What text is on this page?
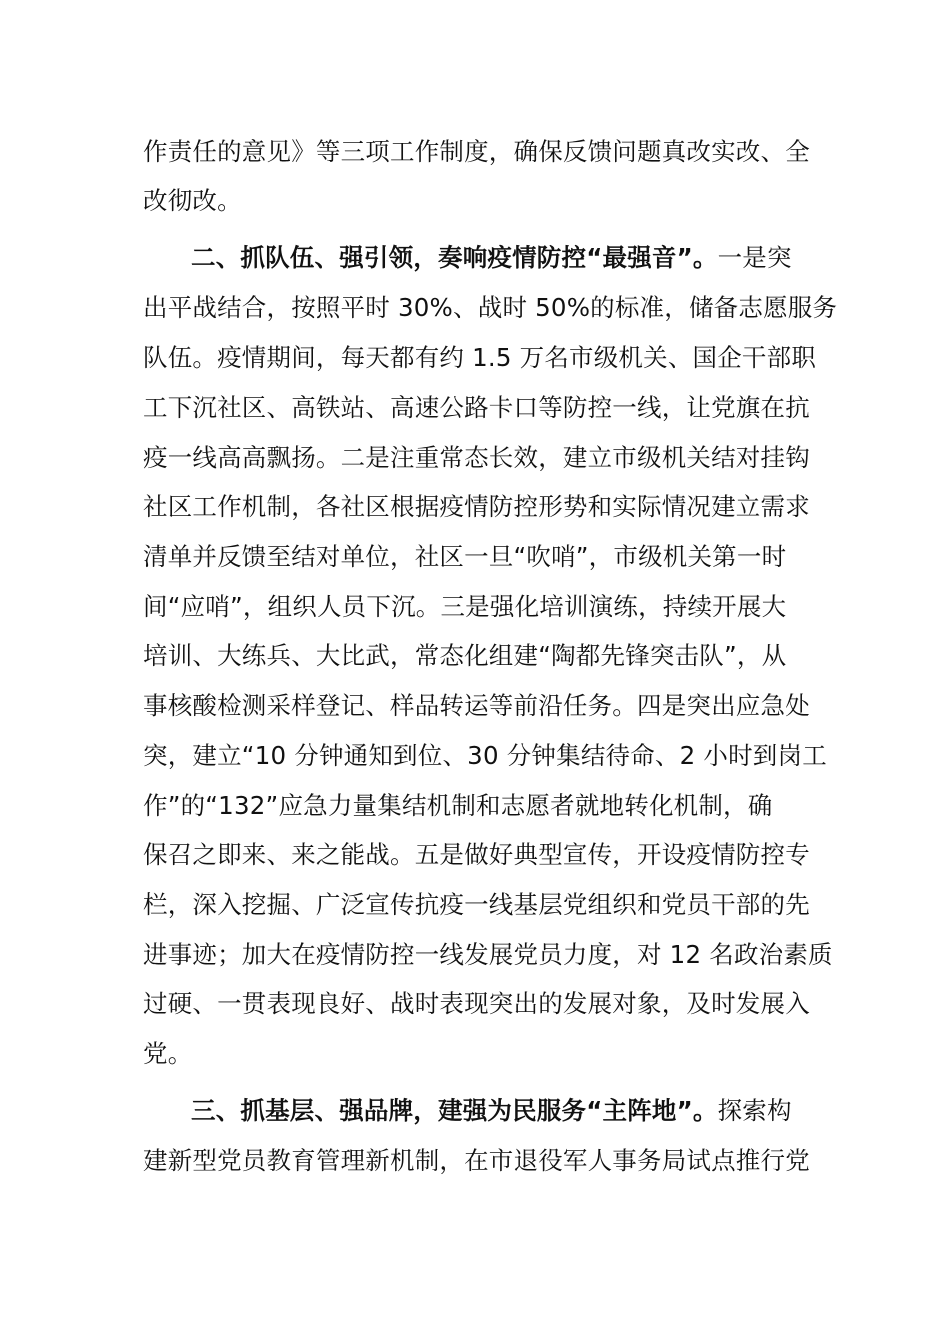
作责任的意见》等三项工作制度，确保反馈问题真改实改、全
改彻改。
二、抓队伍、强引领，奏响疫情防控“最强音”。一是突
出平战结合，按照平时 30%、战时 50%的标准，储备志愿服务
队伍。疫情期间，每天都有约 1.5 万名市级机关、国企干部职
工下沉社区、高铁站、高速公路卡口等防控一线，让党旗在抗
疫一线高高飘扬。二是注重常态长效，建立市级机关结对挂钩
社区工作机制，各社区根据疫情防控形势和实际情况建立需求
清单并反馈至结对单位，社区一旦“吹哨”，市级机关第一时
间“应哨”，组织人员下沉。三是强化培训演练，持续开展大
培训、大练兵、大比武，常态化组建“陶都先锋突击队”，从
事核酸检测采样登记、样品转运等前沿任务。四是突出应急处
突，建立“10 分钟通知到位、30 分钟集结待命、2 小时到岗工
作”的“132”应急力量集结机制和志愿者就地转化机制，确
保召之即来、来之能战。五是做好典型宣传，开设疫情防控专
栏，深入挖掘、广泛宣传抗疫一线基层党组织和党员干部的先
进事迹；加大在疫情防控一线发展党员力度，对 12 名政治素质
过硬、一贯表现良好、战时表现突出的发展对象，及时发展入
党。
三、抓基层、强品牌，建强为民服务“主阵地”。探索构
建新型党员教育管理新机制，在市退役军人事务局试点推行党
